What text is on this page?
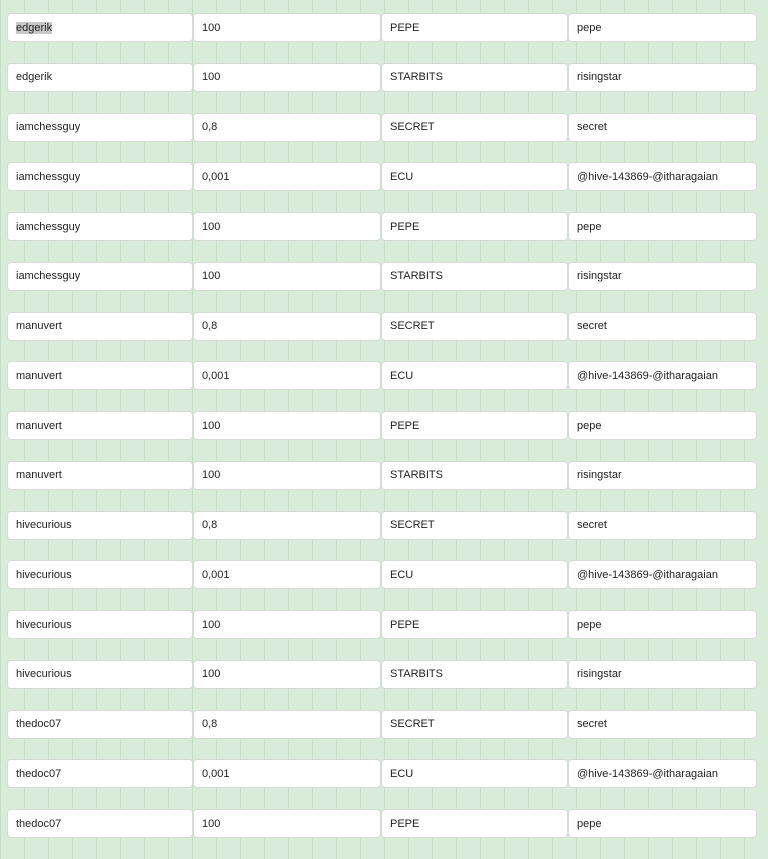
edgerik	100	PEPE	pepe
edgerik	100	STARBITS	risingstar
iamchessguy	0,8	SECRET	secret
iamchessguy	0,001	ECU	@hive-143869-@itharagaian
iamchessguy	100	PEPE	pepe
iamchessguy	100	STARBITS	risingstar
manuvert	0,8	SECRET	secret
manuvert	0,001	ECU	@hive-143869-@itharagaian
manuvert	100	PEPE	pepe
manuvert	100	STARBITS	risingstar
hivecurious	0,8	SECRET	secret
hivecurious	0,001	ECU	@hive-143869-@itharagaian
hivecurious	100	PEPE	pepe
hivecurious	100	STARBITS	risingstar
thedoc07	0,8	SECRET	secret
thedoc07	0,001	ECU	@hive-143869-@itharagaian
thedoc07	100	PEPE	pepe
